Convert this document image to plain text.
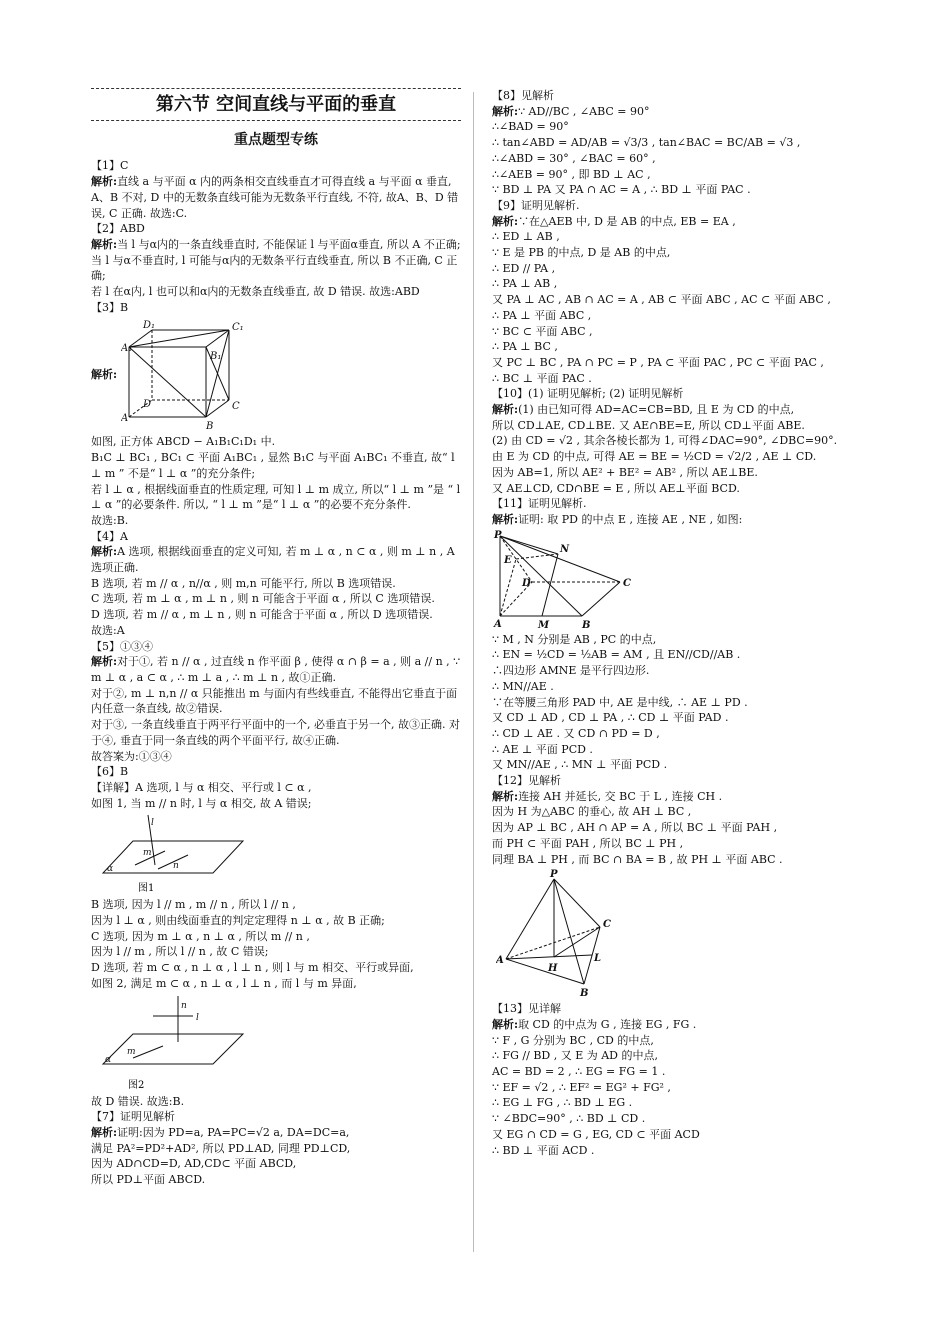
第六节 空间直线与平面的垂直
重点题型专练
【1】C
解析:直线 a 与平面 α 内的两条相交直线垂直才可得直线 a 与平面 α 垂直, A、B 不对, D 中的无数条直线可能为无数条平行直线, 不符, 故A、B、D 错误, C 正确. 故选:C.
【2】ABD
解析:当 l 与α内的一条直线垂直时, 不能保证 l 与平面α垂直, 所以 A 不正确;
当 l 与α不垂直时, l 可能与α内的无数条平行直线垂直, 所以 B 不正确, C 正确;
若 l 在α内, l 也可以和α内的无数条直线垂直, 故 D 错误. 故选:ABD
【3】B
解析:
A
B
C
D
A₁
B₁
C₁
D₁
如图, 正方体 ABCD − A₁B₁C₁D₁ 中.
B₁C ⊥ BC₁ , BC₁ ⊂ 平面 A₁BC₁ , 显然 B₁C 与平面 A₁BC₁ 不垂直, 故“ l ⊥ m ” 不是“ l ⊥ α ”的充分条件;
若 l ⊥ α , 根据线面垂直的性质定理, 可知 l ⊥ m 成立, 所以“ l ⊥ m ”是 “ l ⊥ α ”的必要条件. 所以, “ l ⊥ m ”是“ l ⊥ α ”的必要不充分条件.
故选:B.
【4】A
解析:A 选项, 根据线面垂直的定义可知, 若 m ⊥ α , n ⊂ α , 则 m ⊥ n , A 选项正确.
B 选项, 若 m // α , n//α , 则 m,n 可能平行, 所以 B 选项错误.
C 选项, 若 m ⊥ α , m ⊥ n , 则 n 可能含于平面 α , 所以 C 选项错误.
D 选项, 若 m // α , m ⊥ n , 则 n 可能含于平面 α , 所以 D 选项错误.
故选:A
【5】①③④
解析:对于①, 若 n // α , 过直线 n 作平面 β , 使得 α ∩ β = a , 则 a // n , ∵ m ⊥ α , a ⊂ α , ∴ m ⊥ a , ∴ m ⊥ n , 故①正确.
对于②, m ⊥ n,n // α 只能推出 m 与面内有些线垂直, 不能得出它垂直于面内任意一条直线, 故②错误.
对于③, 一条直线垂直于两平行平面中的一个, 必垂直于另一个, 故③正确. 对于④, 垂直于同一条直线的两个平面平行, 故④正确.
故答案为:①③④
【6】B
【详解】A 选项, l 与 α 相交、平行或 l ⊂ α ,
如图 1, 当 m // n 时, l 与 α 相交, 故 A 错误;
l
m
n
α
图1
B 选项, 因为 l // m , m // n , 所以 l // n ,
因为 l ⊥ α , 则由线面垂直的判定定理得 n ⊥ α , 故 B 正确;
C 选项, 因为 m ⊥ α , n ⊥ α , 所以 m // n ,
因为 l // m , 所以 l // n , 故 C 错误;
D 选项, 若 m ⊂ α , n ⊥ α , l ⊥ n , 则 l 与 m 相交、平行或异面,
如图 2, 满足 m ⊂ α , n ⊥ α , l ⊥ n , 而 l 与 m 异面,
n
l
m
α
图2
故 D 错误. 故选:B.
【7】证明见解析
解析:证明:因为 PD=a, PA=PC=√2 a, DA=DC=a,
满足 PA²=PD²+AD², 所以 PD⊥AD, 同理 PD⊥CD,
因为 AD∩CD=D, AD,CD⊂ 平面 ABCD,
所以 PD⊥平面 ABCD.
【8】见解析
解析:∵ AD//BC , ∠ABC = 90°
∴∠BAD = 90°
∴ tan∠ABD = AD/AB = √3/3 , tan∠BAC = BC/AB = √3 ,
∴∠ABD = 30° , ∠BAC = 60° ,
∴∠AEB = 90° , 即 BD ⊥ AC ,
∵ BD ⊥ PA 又 PA ∩ AC = A , ∴ BD ⊥ 平面 PAC .
【9】证明见解析.
解析:∵在△AEB 中, D 是 AB 的中点, EB = EA ,
∴ ED ⊥ AB ,
∵ E 是 PB 的中点, D 是 AB 的中点,
∴ ED // PA ,
∴ PA ⊥ AB ,
又 PA ⊥ AC , AB ∩ AC = A , AB ⊂ 平面 ABC , AC ⊂ 平面 ABC ,
∴ PA ⊥ 平面 ABC ,
∵ BC ⊂ 平面 ABC ,
∴ PA ⊥ BC ,
又 PC ⊥ BC , PA ∩ PC = P , PA ⊂ 平面 PAC , PC ⊂ 平面 PAC ,
∴ BC ⊥ 平面 PAC .
【10】(1) 证明见解析; (2) 证明见解析
解析:(1) 由已知可得 AD=AC=CB=BD, 且 E 为 CD 的中点,
所以 CD⊥AE, CD⊥BE. 又 AE∩BE=E, 所以 CD⊥平面 ABE.
(2) 由 CD = √2 , 其余各棱长都为 1, 可得∠DAC=90°, ∠DBC=90°.
由 E 为 CD 的中点, 可得 AE = BE = ½CD = √2/2 , AE ⊥ CD.
因为 AB=1, 所以 AE² + BE² = AB² , 所以 AE⊥BE.
又 AE⊥CD, CD∩BE = E , 所以 AE⊥平面 BCD.
【11】证明见解析.
解析:证明: 取 PD 的中点 E , 连接 AE , NE , 如图:
P
N
E
D	C
A	M	B
∵ M , N 分别是 AB , PC 的中点,
∴ EN = ½CD = ½AB = AM , 且 EN//CD//AB .
∴四边形 AMNE 是平行四边形.
∴ MN//AE .
∵在等腰三角形 PAD 中, AE 是中线, ∴ AE ⊥ PD .
又 CD ⊥ AD , CD ⊥ PA , ∴ CD ⊥ 平面 PAD .
∴ CD ⊥ AE . 又 CD ∩ PD = D ,
∴ AE ⊥ 平面 PCD .
又 MN//AE , ∴ MN ⊥ 平面 PCD .
【12】见解析
解析:连接 AH 并延长, 交 BC 于 L , 连接 CH .
因为 H 为△ABC 的垂心, 故 AH ⊥ BC ,
因为 AP ⊥ BC , AH ∩ AP = A , 所以 BC ⊥ 平面 PAH ,
而 PH ⊂ 平面 PAH , 所以 BC ⊥ PH ,
同理 BA ⊥ PH , 而 BC ∩ BA = B , 故 PH ⊥ 平面 ABC .
P
C
A
H
L
B
【13】见详解
解析:取 CD 的中点为 G , 连接 EG , FG .
∵ F , G 分别为 BC , CD 的中点,
∴ FG // BD , 又 E 为 AD 的中点,
AC = BD = 2 , ∴ EG = FG = 1 .
∵ EF = √2 , ∴ EF² = EG² + FG² ,
∴ EG ⊥ FG , ∴ BD ⊥ EG .
∵ ∠BDC=90° , ∴ BD ⊥ CD .
又 EG ∩ CD = G , EG, CD ⊂ 平面 ACD
∴ BD ⊥ 平面 ACD .
